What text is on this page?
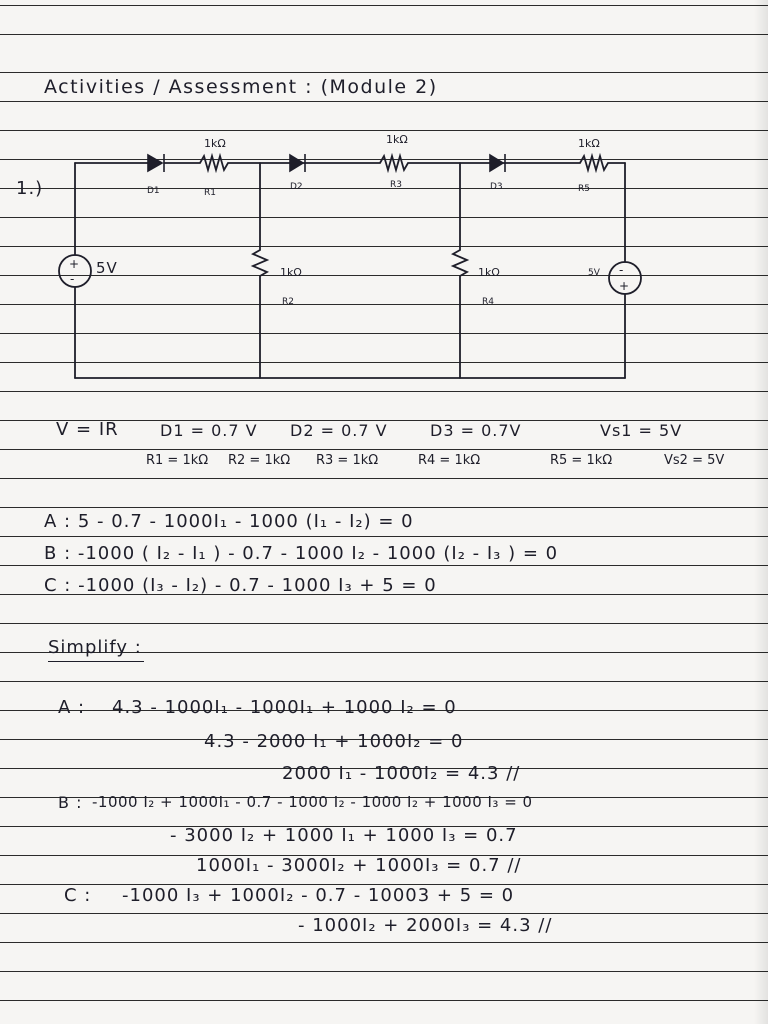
Activities / Assessment : (Module 2)
1.)
+
-
-
+
1kΩ
R1
1kΩ
R3
1kΩ
R5
D1	D2	D3
1kΩ
R2
1kΩ
R4
5V	5V
V = IR	D1 = 0.7 V D2 = 0.7 V	D3 = 0.7V	Vs1 = 5V
R1 = 1kΩ R2 = 1kΩ R3 = 1kΩ	R4 = 1kΩ	R5 = 1kΩ	Vs2 = 5V
A : 5 - 0.7 - 1000I₁ - 1000 (I₁ - I₂) = 0
B : -1000 ( I₂ - I₁ ) - 0.7 - 1000 I₂ - 1000 (I₂ - I₃ ) = 0
C : -1000 (I₃ - I₂) - 0.7 - 1000 I₃ + 5 = 0
Simplify :
A : 4.3 - 1000I₁ - 1000I₁ + 1000 I₂ = 0
4.3 - 2000 I₁ + 1000I₂ = 0
2000 I₁ - 1000I₂ = 4.3 //
B : -1000 I₂ + 1000I₁ - 0.7 - 1000 I₂ - 1000 I₂ + 1000 I₃ = 0
- 3000 I₂ + 1000 I₁ + 1000 I₃ = 0.7
1000I₁ - 3000I₂ + 1000I₃ = 0.7 //
C : -1000 I₃ + 1000I₂ - 0.7 - 10003 + 5 = 0
- 1000I₂ + 2000I₃ = 4.3 //
